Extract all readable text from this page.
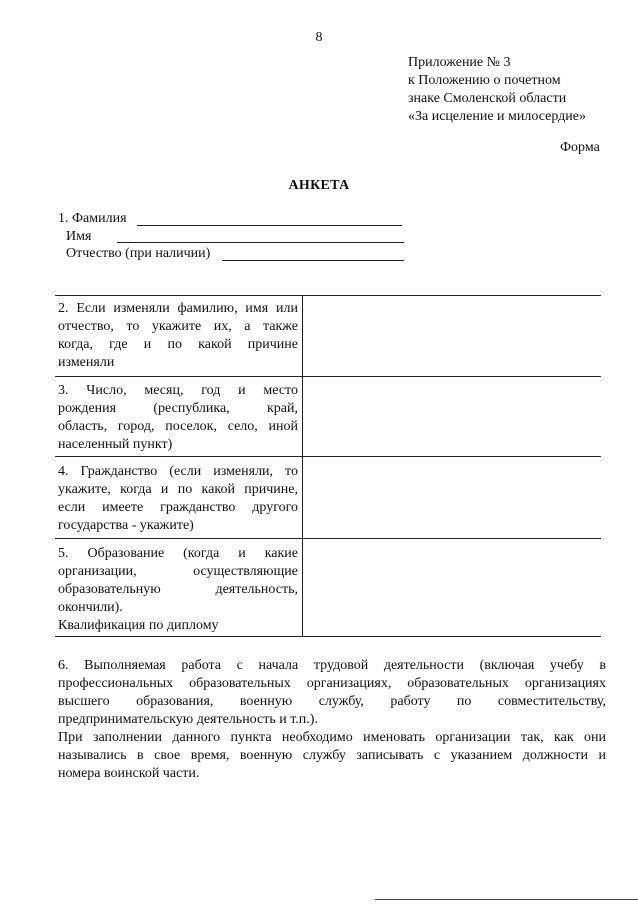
8
Приложение № 3
к Положению о почетном
знаке Смоленской области
«За исцеление и милосердие»
Форма
АНКЕТА
1. Фамилия
Имя
Отчество (при наличии)
2. Если изменяли фамилию, имя или
отчество, то укажите их, а также
когда, где и по какой причине
изменяли
3. Число, месяц, год и место
рождения (республика, край,
область, город, поселок, село, иной
населенный пункт)
4. Гражданство (если изменяли, то
укажите, когда и по какой причине,
если имеете гражданство другого
государства - укажите)
5. Образование (когда и какие
организации, осуществляющие
образовательную деятельность,
окончили).
Квалификация по диплому
6. Выполняемая работа с начала трудовой деятельности (включая учебу в
профессиональных образовательных организациях, образовательных организациях
высшего образования, военную службу, работу по совместительству,
предпринимательскую деятельность и т.п.).
При заполнении данного пункта необходимо именовать организации так, как они
назывались в свое время, военную службу записывать с указанием должности и
номера воинской части.
